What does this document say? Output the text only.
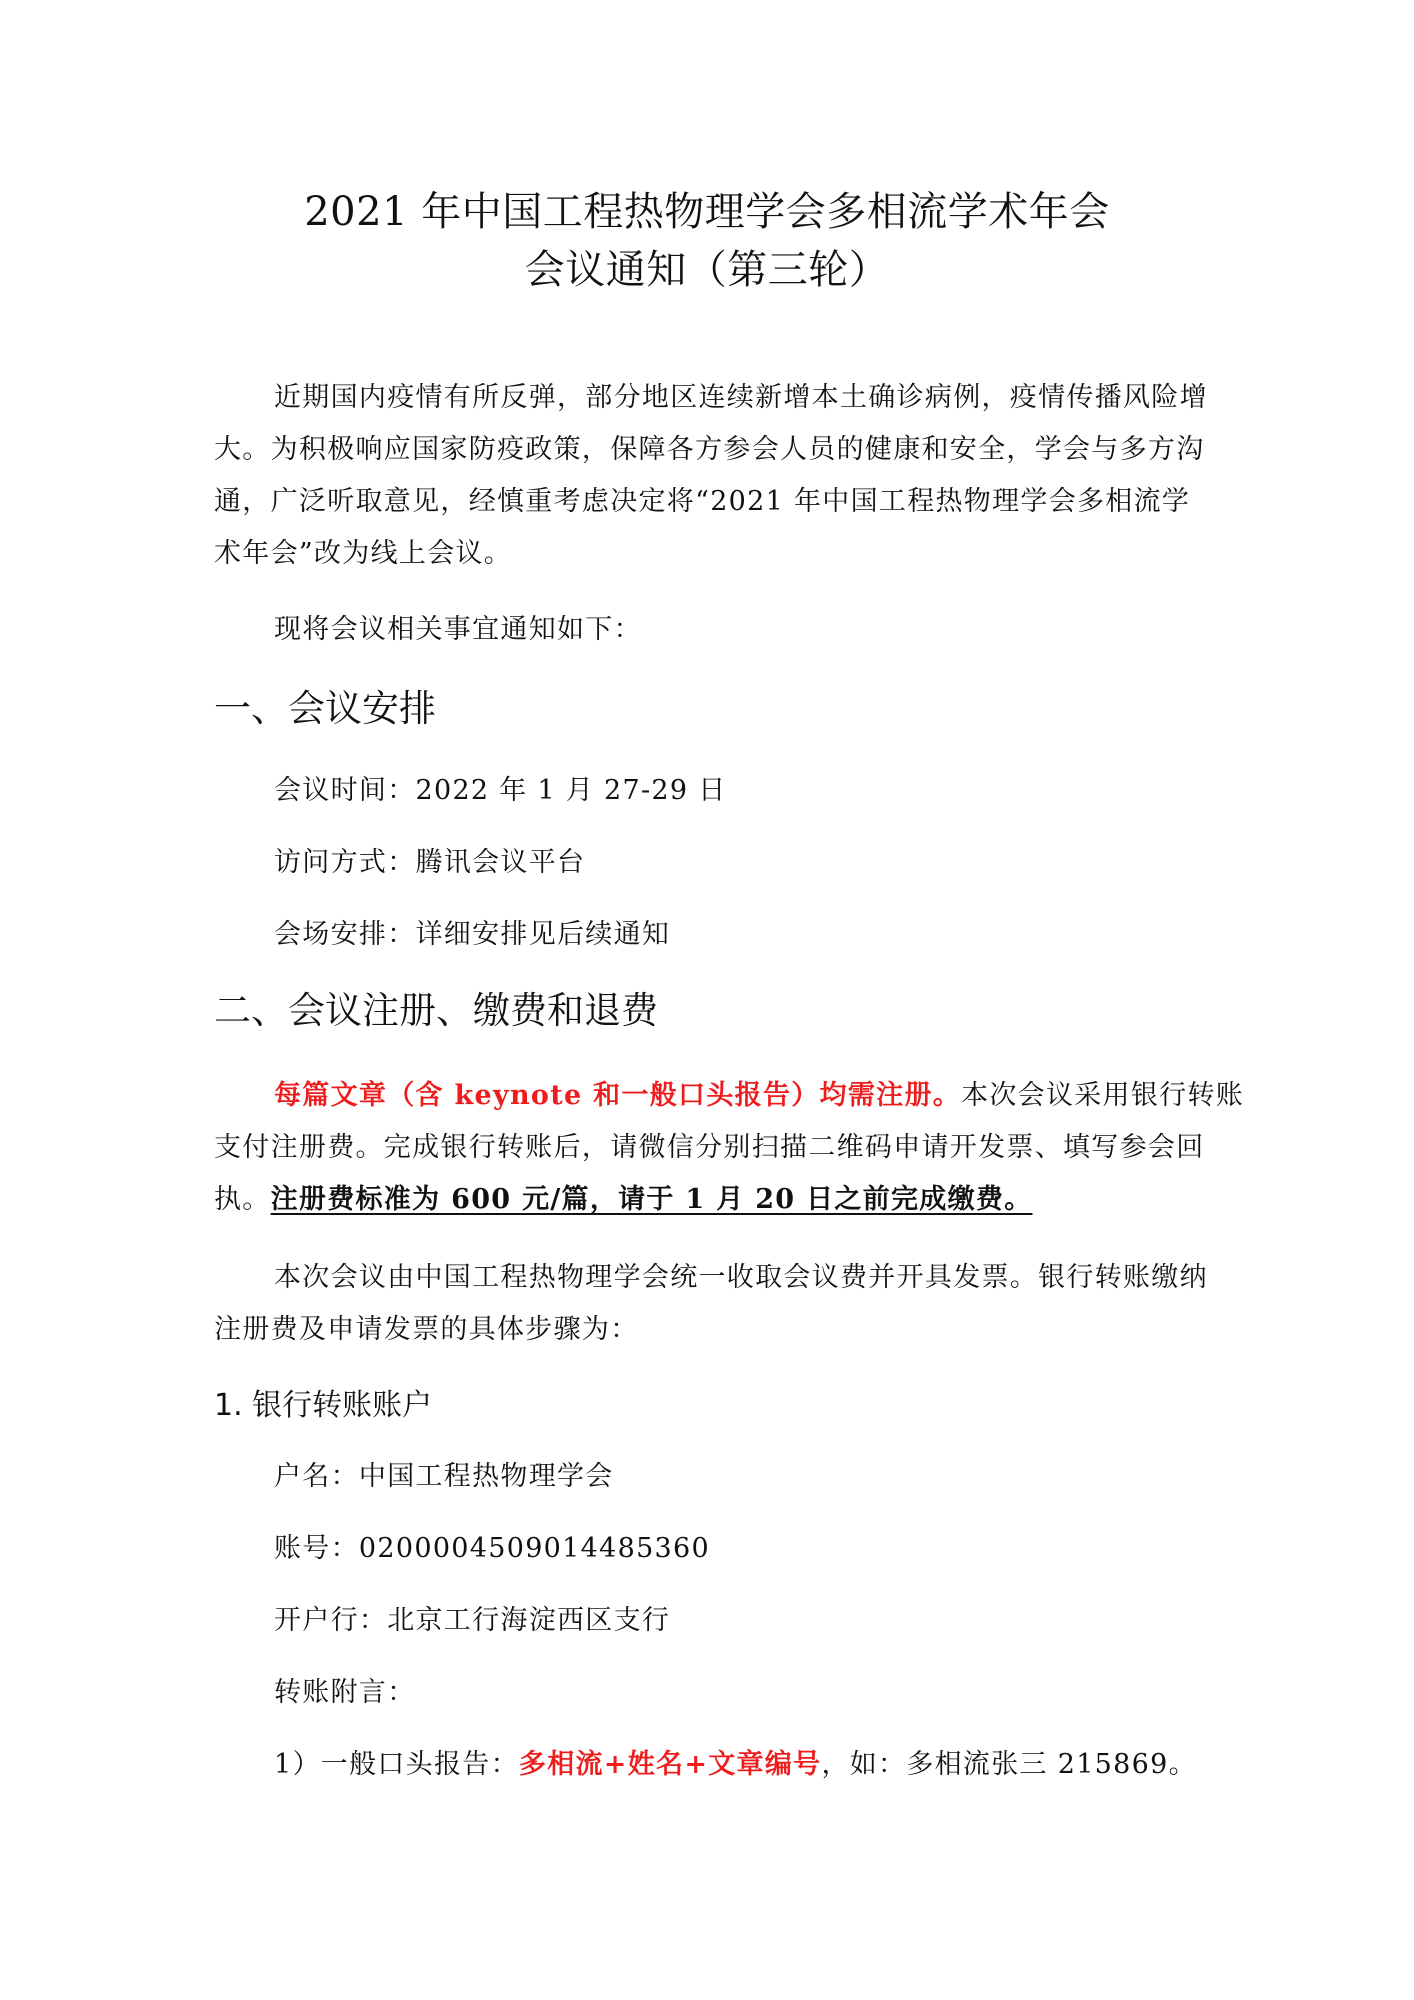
2021 年中国工程热物理学会多相流学术年会
会议通知（第三轮）
近期国内疫情有所反弹，部分地区连续新增本土确诊病例，疫情传播风险增
大。为积极响应国家防疫政策，保障各方参会人员的健康和安全，学会与多方沟
通，广泛听取意见，经慎重考虑决定将“2021 年中国工程热物理学会多相流学
术年会”改为线上会议。
现将会议相关事宜通知如下：
一、会议安排
会议时间：2022 年 1 月 27-29 日
访问方式：腾讯会议平台
会场安排：详细安排见后续通知
二、会议注册、缴费和退费
每篇文章（含 keynote 和一般口头报告）均需注册。本次会议采用银行转账
支付注册费。完成银行转账后，请微信分别扫描二维码申请开发票、填写参会回
执。注册费标准为 600 元/篇，请于 1 月 20 日之前完成缴费。
本次会议由中国工程热物理学会统一收取会议费并开具发票。银行转账缴纳
注册费及申请发票的具体步骤为：
1. 银行转账账户
户名：中国工程热物理学会
账号：0200004509014485360
开户行：北京工行海淀西区支行
转账附言：
1）一般口头报告：多相流+姓名+文章编号，如：多相流张三 215869。
